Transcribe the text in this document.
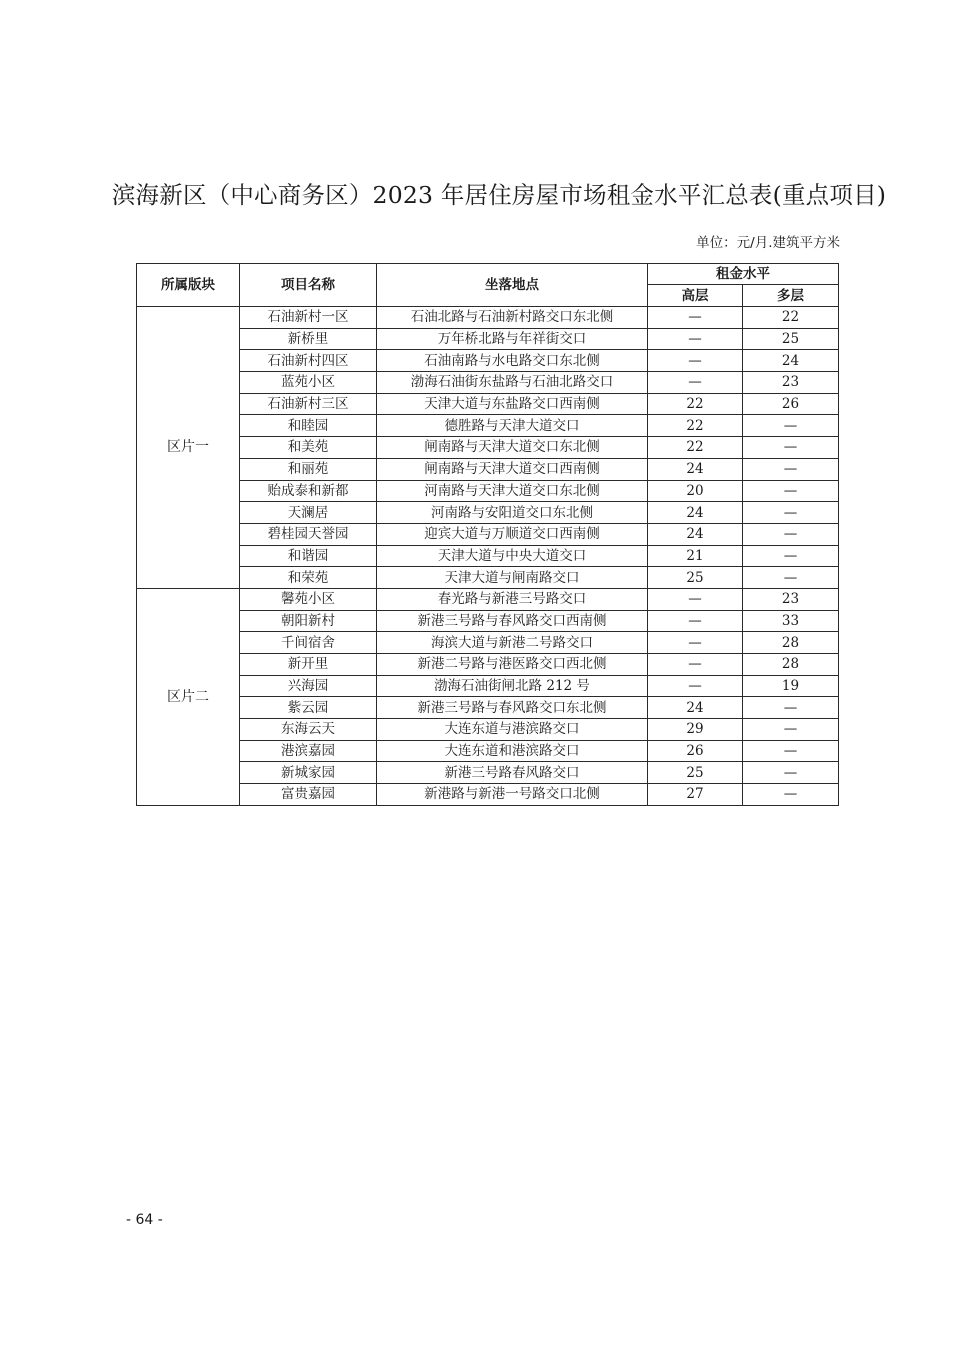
滨海新区（中心商务区）2023 年居住房屋市场租金水平汇总表(重点项目)
单位：元/月.建筑平方米
所属版块	项目名称	坐落地点	租金水平	
			高层	多层
区片一	石油新村一区	石油北路与石油新村路交口东北侧	—	22
	新桥里	万年桥北路与年祥街交口	—	25
	石油新村四区	石油南路与水电路交口东北侧	—	24
	蓝苑小区	渤海石油街东盐路与石油北路交口	—	23
	石油新村三区	天津大道与东盐路交口西南侧	22	26
	和睦园	德胜路与天津大道交口	22	—
	和美苑	闸南路与天津大道交口东北侧	22	—
	和丽苑	闸南路与天津大道交口西南侧	24	—
	贻成泰和新都	河南路与天津大道交口东北侧	20	—
	天澜居	河南路与安阳道交口东北侧	24	—
	碧桂园天誉园	迎宾大道与万顺道交口西南侧	24	—
	和谐园	天津大道与中央大道交口	21	—
	和荣苑	天津大道与闸南路交口	25	—
区片二	馨苑小区	春光路与新港三号路交口	—	23
	朝阳新村	新港三号路与春风路交口西南侧	—	33
	千间宿舍	海滨大道与新港二号路交口	—	28
	新开里	新港二号路与港医路交口西北侧	—	28
	兴海园	渤海石油街闸北路 212 号	—	19
	紫云园	新港三号路与春风路交口东北侧	24	—
	东海云天	大连东道与港滨路交口	29	—
	港滨嘉园	大连东道和港滨路交口	26	—
	新城家园	新港三号路春风路交口	25	—
	富贵嘉园	新港路与新港一号路交口北侧	27	—
- 64 -
